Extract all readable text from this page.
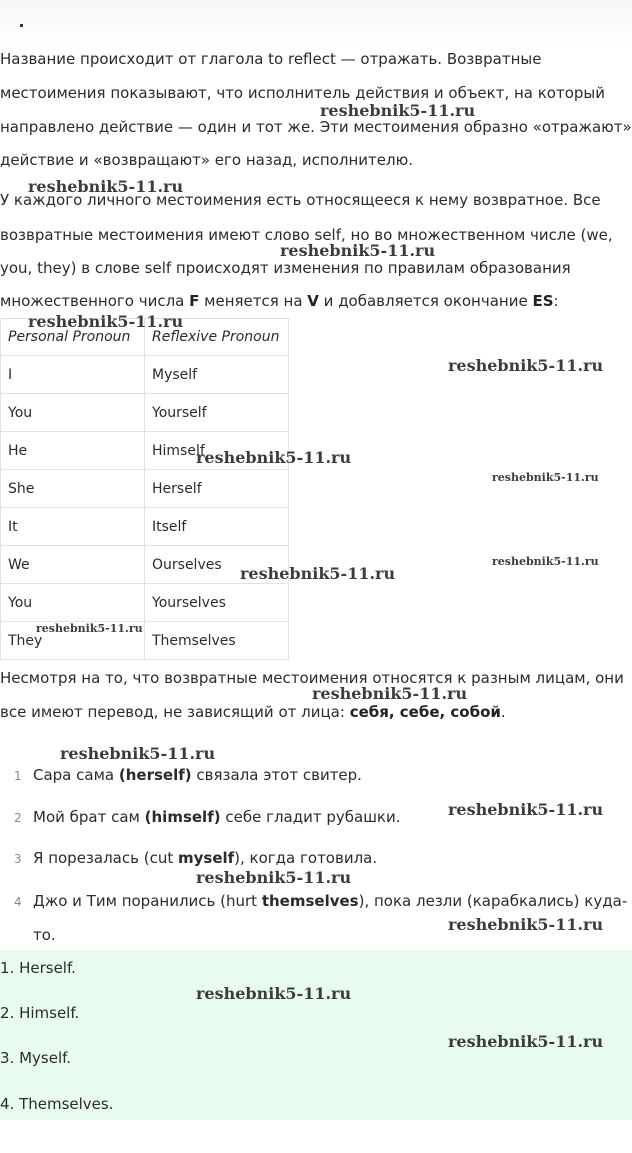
Название происходит от глагола to reflect — отражать. Возвратные
местоимения показывают, что исполнитель действия и объект, на который
направлено действие — один и тот же. Эти местоимения образно «отражают»
действие и «возвращают» его назад, исполнителю.
У каждого личного местоимения есть относящееся к нему возвратное. Все
возвратные местоимения имеют слово self, но во множественном числе (we,
you, they) в слове self происходят изменения по правилам образования
множественного числа F меняется на V и добавляется окончание ES:
Personal Pronoun	Reflexive Pronoun
I	Myself
You	Yourself
He	Himself
She	Herself
It	Itself
We	Ourselves
You	Yourselves
They	Themselves
Несмотря на то, что возвратные местоимения относятся к разным лицам, они
все имеют перевод, не зависящий от лица: себя, себе, собой.
1 Сара сама (herself) связала этот свитер.
2 Мой брат сам (himself) себе гладит рубашки.
3 Я порезалась (cut myself), когда готовила.
4 Джо и Тим поранились (hurt themselves), пока лезли (карабкались) куда-
то.
1. Herself.
2. Himself.
3. Myself.
4. Themselves.
reshebnik5-11.ru
reshebnik5-11.ru
reshebnik5-11.ru
reshebnik5-11.ru
reshebnik5-11.ru
reshebnik5-11.ru
reshebnik5-11.ru
reshebnik5-11.ru
reshebnik5-11.ru
reshebnik5-11.ru
reshebnik5-11.ru
reshebnik5-11.ru
reshebnik5-11.ru
reshebnik5-11.ru
reshebnik5-11.ru
reshebnik5-11.ru
reshebnik5-11.ru
